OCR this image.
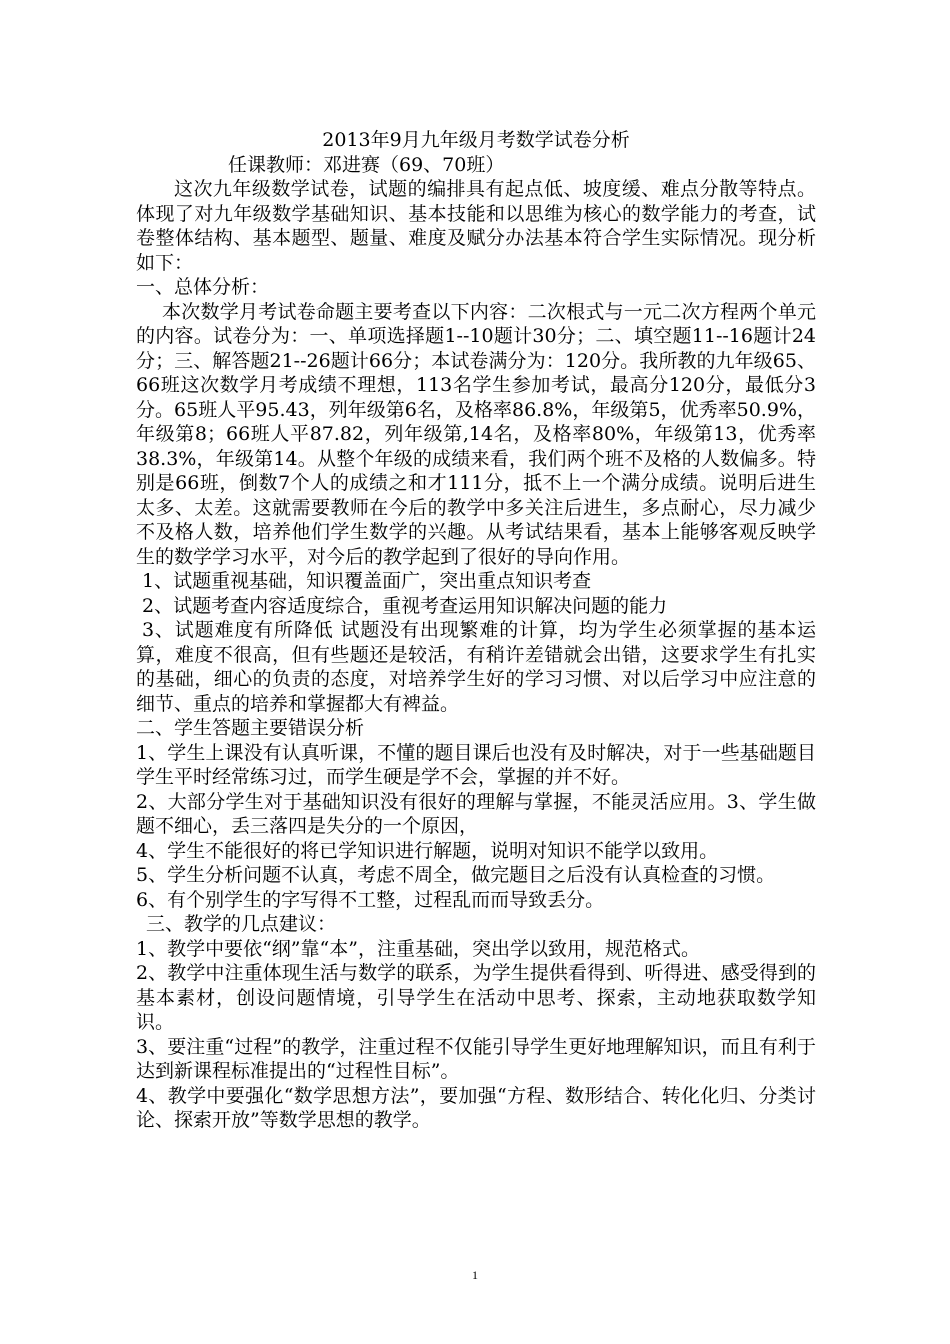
2013年9月九年级月考数学试卷分析
任课教师：邓进赛（69、70班）

这次九年级数学试卷，试题的编排具有起点低、坡度缓、难点分散等特点。体现了对九年级数学基础知识、基本技能和以思维为核心的数学能力的考查，试卷整体结构、基本题型、题量、难度及赋分办法基本符合学生实际情况。现分析如下：

一、总体分析：

本次数学月考试卷命题主要考查以下内容：二次根式与一元二次方程两个单元的内容。试卷分为：一、单项选择题1--10题计30分；二、填空题11--16题计24分；三、解答题21--26题计66分；本试卷满分为：120分。我所教的九年级65、66班这次数学月考成绩不理想，113名学生参加考试，最高分120分，最低分3分。65班人平95.43，列年级第6名，及格率86.8%，年级第5，优秀率50.9%，年级第8；66班人平87.82，列年级第,14名，及格率80%，年级第13，优秀率38.3%，年级第14。从整个年级的成绩来看，我们两个班不及格的人数偏多。特别是66班，倒数7个人的成绩之和才111分，抵不上一个满分成绩。说明后进生太多、太差。这就需要教师在今后的教学中多关注后进生，多点耐心，尽力减少不及格人数，培养他们学生数学的兴趣。从考试结果看，基本上能够客观反映学生的数学学习水平，对今后的教学起到了很好的导向作用。

1、试题重视基础，知识覆盖面广，突出重点知识考查

2、试题考查内容适度综合，重视考查运用知识解决问题的能力

3、试题难度有所降低 试题没有出现繁难的计算，均为学生必须掌握的基本运算，难度不很高，但有些题还是较活，有稍许差错就会出错，这要求学生有扎实的基础，细心的负责的态度，对培养学生好的学习习惯、对以后学习中应注意的细节、重点的培养和掌握都大有裨益。

二、学生答题主要错误分析

1、学生上课没有认真听课，不懂的题目课后也没有及时解决，对于一些基础题目学生平时经常练习过，而学生硬是学不会，掌握的并不好。

2、大部分学生对于基础知识没有很好的理解与掌握，不能灵活应用。3、学生做题不细心，丢三落四是失分的一个原因，

4、学生不能很好的将已学知识进行解题，说明对知识不能学以致用。

5、学生分析问题不认真，考虑不周全，做完题目之后没有认真检查的习惯。

6、有个别学生的字写得不工整，过程乱而而导致丢分。

三、教学的几点建议：

1、教学中要依“纲”靠“本”，注重基础，突出学以致用，规范格式。

2、教学中注重体现生活与数学的联系，为学生提供看得到、听得进、感受得到的基本素材，创设问题情境，引导学生在活动中思考、探索，主动地获取数学知识。

3、要注重“过程”的教学，注重过程不仅能引导学生更好地理解知识，而且有利于达到新课程标准提出的“过程性目标”。

4、教学中要强化“数学思想方法”，要加强“方程、数形结合、转化化归、分类讨论、探索开放”等数学思想的教学。

1
